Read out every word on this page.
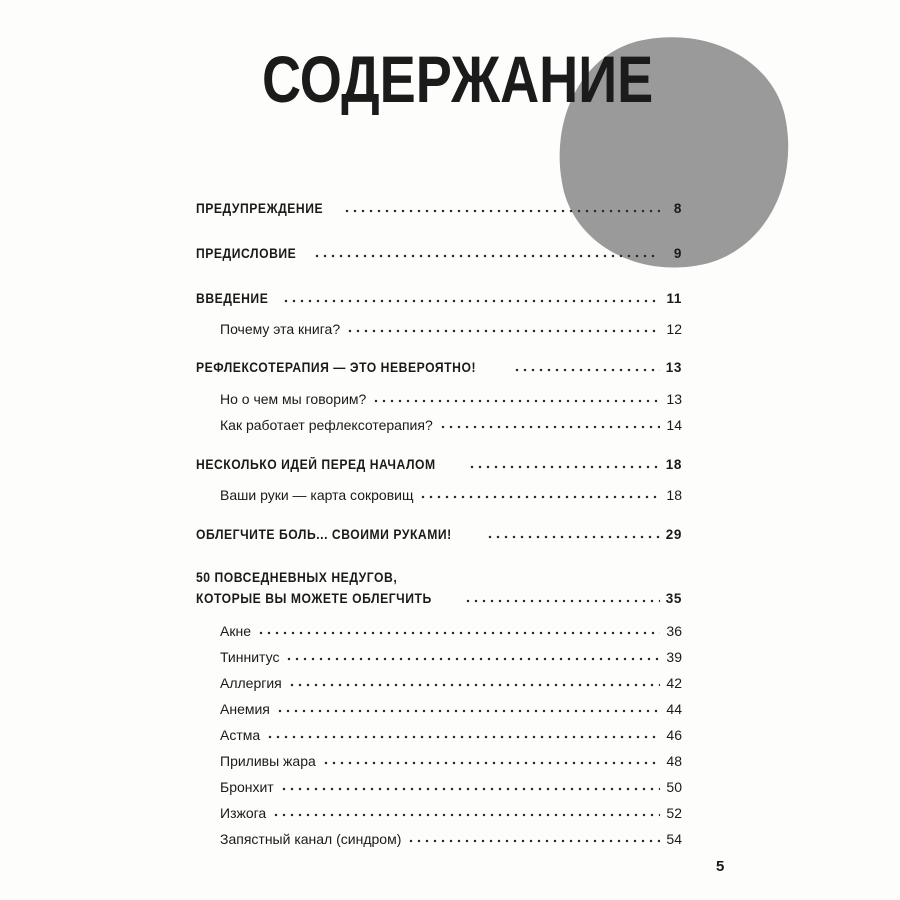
СОДЕРЖАНИЕ
ПРЕДУПРЕЖДЕНИЕ	8
ПРЕДИСЛОВИЕ	9
ВВЕДЕНИЕ	11
Почему эта книга?	12
РЕФЛЕКСОТЕРАПИЯ — ЭТО НЕВЕРОЯТНО!	13
Но о чем мы говорим?	13
Как работает рефлексотерапия?	14
НЕСКОЛЬКО ИДЕЙ ПЕРЕД НАЧАЛОМ	18
Ваши руки — карта сокровищ	18
ОБЛЕГЧИТЕ БОЛЬ... СВОИМИ РУКАМИ!	29
50 ПОВСЕДНЕВНЫХ НЕДУГОВ,
КОТОРЫЕ ВЫ МОЖЕТЕ ОБЛЕГЧИТЬ	35
Акне	36
Тиннитус	39
Аллергия	42
Анемия	44
Астма	46
Приливы жара	48
Бронхит	50
Изжога	52
Запястный канал (синдром)	54
5
